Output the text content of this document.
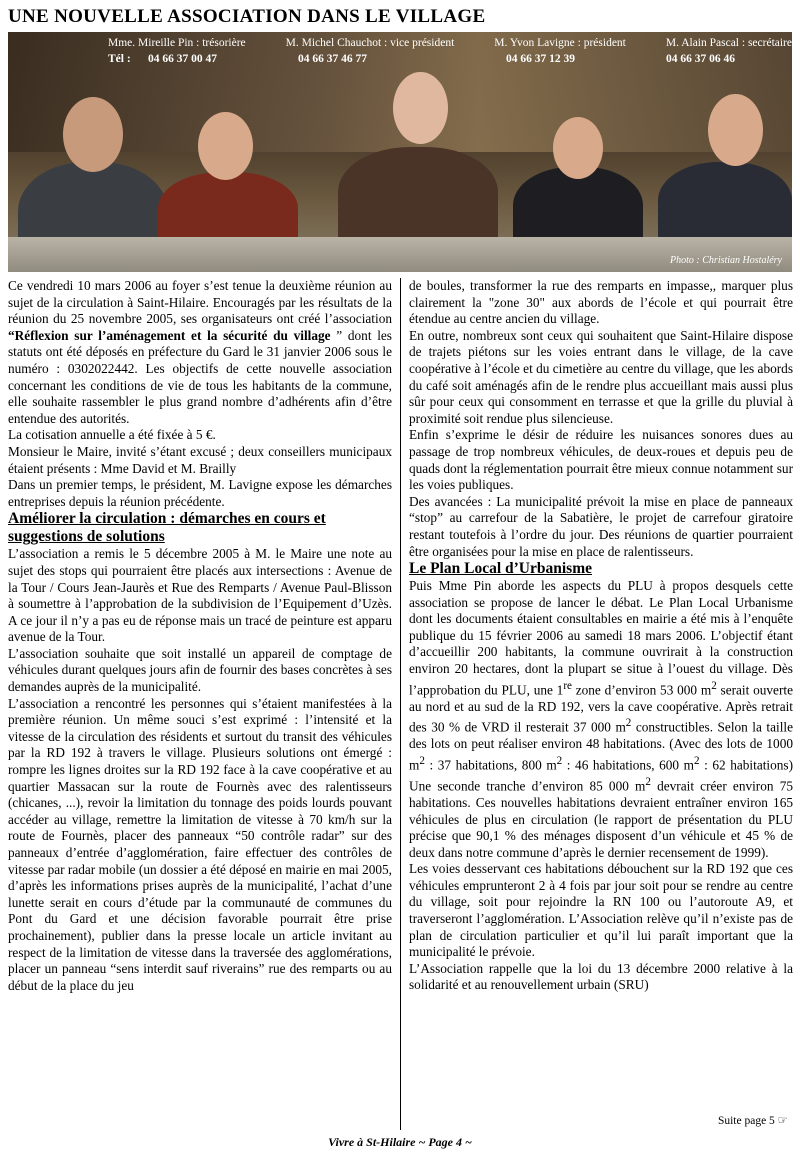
UNE NOUVELLE ASSOCIATION DANS LE VILLAGE
Mme. Mireille Pin : trésorière	M. Michel Chauchot : vice président	M. Yvon Lavigne : président	M. Alain Pascal : secrétaire
Tél : 04 66 37 00 47	04 66 37 46 77	04 66 37 12 39	04 66 37 06 46
Photo : Christian Hostaléry

Ce vendredi 10 mars 2006 au foyer s’est tenue la deuxième réunion au sujet de la circulation à Saint-Hilaire. Encouragés par les résultats de la réunion du 25 novembre 2005, ses organisateurs ont créé l’association “Réflexion sur l’aménagement et la sécurité du village ” dont les statuts ont été déposés en préfecture du Gard le 31 janvier 2006 sous le numéro : 0302022442. Les objectifs de cette nouvelle association concernant les conditions de vie de tous les habitants de la commune, elle souhaite rassembler le plus grand nombre d’adhérents afin d’être entendue des autorités.

La cotisation annuelle a été fixée à 5 €.

Monsieur le Maire, invité s’étant excusé ; deux conseillers municipaux étaient présents : Mme David et M. Brailly

Dans un premier temps, le président, M. Lavigne expose les démarches entreprises depuis la réunion précédente.

Améliorer la circulation : démarches en cours et suggestions de solutions

L’association a remis le 5 décembre 2005 à M. le Maire une note au sujet des stops qui pourraient être placés aux intersections : Avenue de la Tour / Cours Jean-Jaurès et Rue des Remparts / Avenue Paul-Blisson à soumettre à l’approbation de la subdivision de l’Equipement d’Uzès. A ce jour il n’y a pas eu de réponse mais un tracé de peinture est apparu avenue de la Tour.

L’association souhaite que soit installé un appareil de comptage de véhicules durant quelques jours afin de fournir des bases concrètes à ses demandes auprès de la municipalité.

L’association a rencontré les personnes qui s’étaient manifestées à la première réunion. Un même souci s’est exprimé : l’intensité et la vitesse de la circulation des résidents et surtout du transit des véhicules par la RD 192 à travers le village. Plusieurs solutions ont émergé : rompre les lignes droites sur la RD 192 face à la cave coopérative et au quartier Massacan sur la route de Fournès avec des ralentisseurs (chicanes, ...), revoir la limitation du tonnage des poids lourds pouvant accéder au village, remettre la limitation de vitesse à 70 km/h sur la route de Fournès, placer des panneaux “50 contrôle radar” sur des panneaux d’entrée d’agglomération, faire effectuer des contrôles de vitesse par radar mobile (un dossier a été déposé en mairie en mai 2005, d’après les informations prises auprès de la municipalité, l’achat d’une lunette serait en cours d’étude par la communauté de communes du Pont du Gard et une décision favorable pourrait être prise prochainement), publier dans la presse locale un article invitant au respect de la limitation de vitesse dans la traversée des agglomérations, placer un panneau “sens interdit sauf riverains” rue des remparts ou au début de la place du jeu

de boules, transformer la rue des remparts en impasse,, marquer plus clairement la "zone 30" aux abords de l’école et qui pourrait être étendue au centre ancien du village.

En outre, nombreux sont ceux qui souhaitent que Saint-Hilaire dispose de trajets piétons sur les voies entrant dans le village, de la cave coopérative à l’école et du cimetière au centre du village, que les abords du café soit aménagés afin de le rendre plus accueillant mais aussi plus sûr pour ceux qui consomment en terrasse et que la grille du pluvial à proximité soit rendue plus silencieuse.

Enfin s’exprime le désir de réduire les nuisances sonores dues au passage de trop nombreux véhicules, de deux-roues et depuis peu de quads dont la réglementation pourrait être mieux connue notamment sur les voies publiques.

Des avancées : La municipalité prévoit la mise en place de panneaux “stop” au carrefour de la Sabatière, le projet de carrefour giratoire restant toutefois à l’ordre du jour. Des réunions de quartier pourraient être organisées pour la mise en place de ralentisseurs.

Le Plan Local d’Urbanisme

Puis Mme Pin aborde les aspects du PLU à propos desquels cette association se propose de lancer le débat. Le Plan Local Urbanisme dont les documents étaient consultables en mairie a été mis à l’enquête publique du 15 février 2006 au samedi 18 mars 2006. L’objectif étant d’accueillir 200 habitants, la commune ouvrirait à la construction environ 20 hectares, dont la plupart se situe à l’ouest du village. Dès l’approbation du PLU, une 1re zone d’environ 53 000 $m^2$ serait ouverte au nord et au sud de la RD 192, vers la cave coopérative. Après retrait des 30 % de VRD il resterait 37 000 $m^2$ constructibles. Selon la taille des lots on peut réaliser environ 48 habitations. (Avec des lots de 1000 $m^2$ : 37 habitations, 800 $m^2$ : 46 habitations, 600 $m^2$ : 62 habitations) Une seconde tranche d’environ 85 000 $m^2$ devrait créer environ 75 habitations. Ces nouvelles habitations devraient entraîner environ 165 véhicules de plus en circulation (le rapport de présentation du PLU précise que 90,1 % des ménages disposent d’un véhicule et 45 % de deux dans notre commune d’après le dernier recensement de 1999).

Les voies desservant ces habitations débouchent sur la RD 192 que ces véhicules emprunteront 2 à 4 fois par jour soit pour se rendre au centre du village, soit pour rejoindre la RN 100 ou l’autoroute A9, et traverseront l’agglomération. L’Association relève qu’il n’existe pas de plan de circulation particulier et qu’il lui paraît important que la municipalité le prévoie.

L’Association rappelle que la loi du 13 décembre 2000 relative à la solidarité et au renouvellement urbain (SRU)

Suite page 5 ☞
Vivre à St-Hilaire ~ Page 4 ~
